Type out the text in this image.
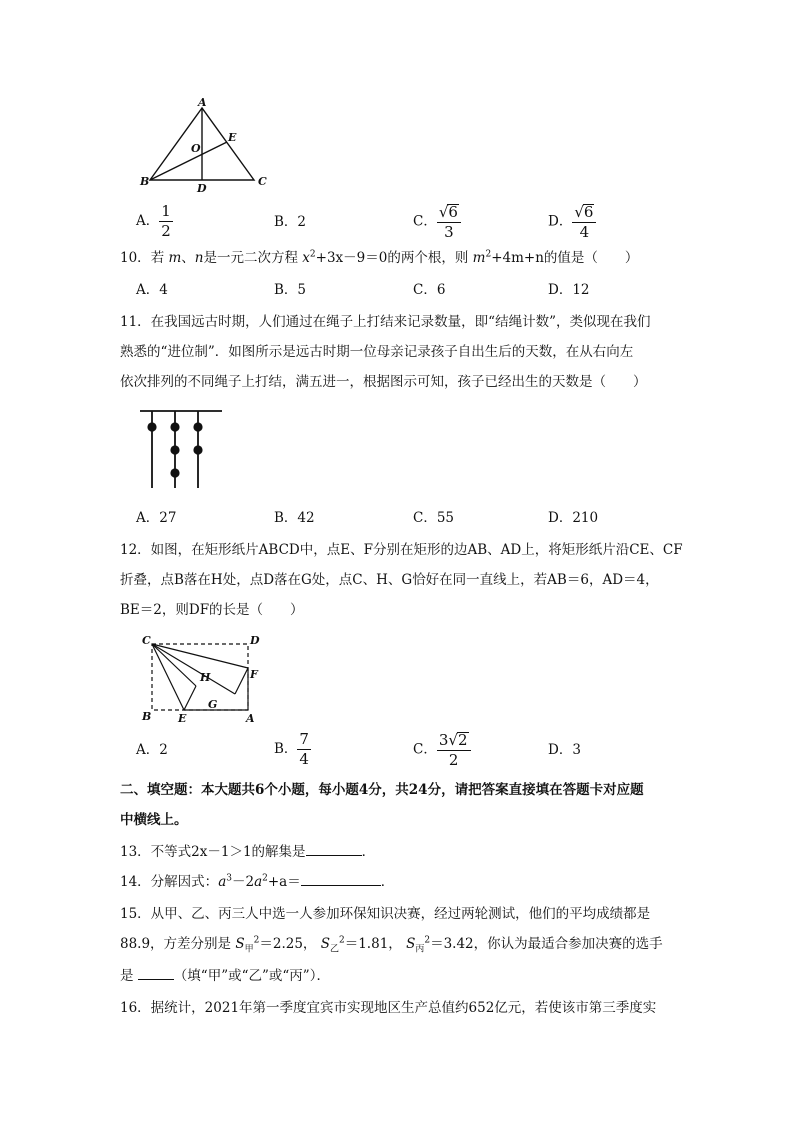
A
E
O
B
D
C
A． $\frac{1}{2}$	B．2	C． $\frac{√ 6}{3}$	D． $\frac{√ 6}{4}$
10．若 m、n是一元二次方程 $x^2+3x-9=0$的两个根，则 $m^2+4m+n$的值是（　　）
A．4	B．5	C．6	D．12
11．在我国远古时期，人们通过在绳子上打结来记录数量，即“结绳计数”，类似现在我们
熟悉的“进位制”．如图所示是远古时期一位母亲记录孩子自出生后的天数，在从右向左
依次排列的不同绳子上打结，满五进一，根据图示可知，孩子已经出生的天数是（　　）
A．27	B．42	C．55	D．210
12．如图，在矩形纸片ABCD中，点E、F分别在矩形的边AB、AD上，将矩形纸片沿CE、CF
折叠，点B落在H处，点D落在G处，点C、H、G恰好在同一直线上，若AB＝6，AD＝4，
BE＝2，则DF的长是（　　）
C	D
F
H
G
B E	A
A．2	B． $\frac{7}{4}$	C． $\frac{3 √ 2}{2}$	D．3
二、填空题：本大题共6个小题，每小题4分，共24分，请把答案直接填在答题卡对应题
中横线上。
13．不等式2x－1＞1的解集是	．
14．分解因式：$a^3-2a^2+a=$	．
15．从甲、乙、丙三人中选一人参加环保知识决赛，经过两轮测试，他们的平均成绩都是
88.9，方差分别是 $S_甲^2=2.25$， $S_乙^2=1.81$， $S_丙^2=3.42$，你认为最适合参加决赛的选手
是	（填“甲”或“乙”或“丙”）．
16．据统计，2021年第一季度宜宾市实现地区生产总值约652亿元，若使该市第三季度实
